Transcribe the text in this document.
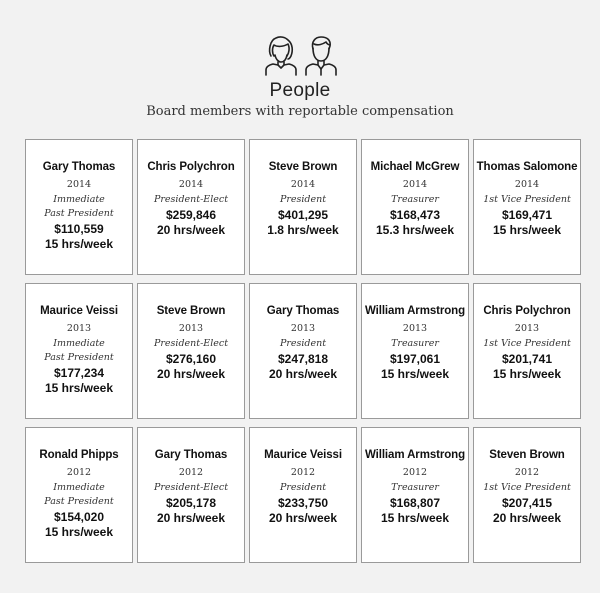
People
Board members with reportable compensation
Gary Thomas
2014
Immediate
Past President
$110,559
15 hrs/week
Chris Polychron
2014
President-Elect
$259,846
20 hrs/week
Steve Brown
2014
President
$401,295
1.8 hrs/week
Michael McGrew
2014
Treasurer
$168,473
15.3 hrs/week
Thomas Salomone
2014
1st Vice President
$169,471
15 hrs/week
Maurice Veissi
2013
Immediate
Past President
$177,234
15 hrs/week
Steve Brown
2013
President-Elect
$276,160
20 hrs/week
Gary Thomas
2013
President
$247,818
20 hrs/week
William Armstrong
2013
Treasurer
$197,061
15 hrs/week
Chris Polychron
2013
1st Vice President
$201,741
15 hrs/week
Ronald Phipps
2012
Immediate
Past President
$154,020
15 hrs/week
Gary Thomas
2012
President-Elect
$205,178
20 hrs/week
Maurice Veissi
2012
President
$233,750
20 hrs/week
William Armstrong
2012
Treasurer
$168,807
15 hrs/week
Steven Brown
2012
1st Vice President
$207,415
20 hrs/week
